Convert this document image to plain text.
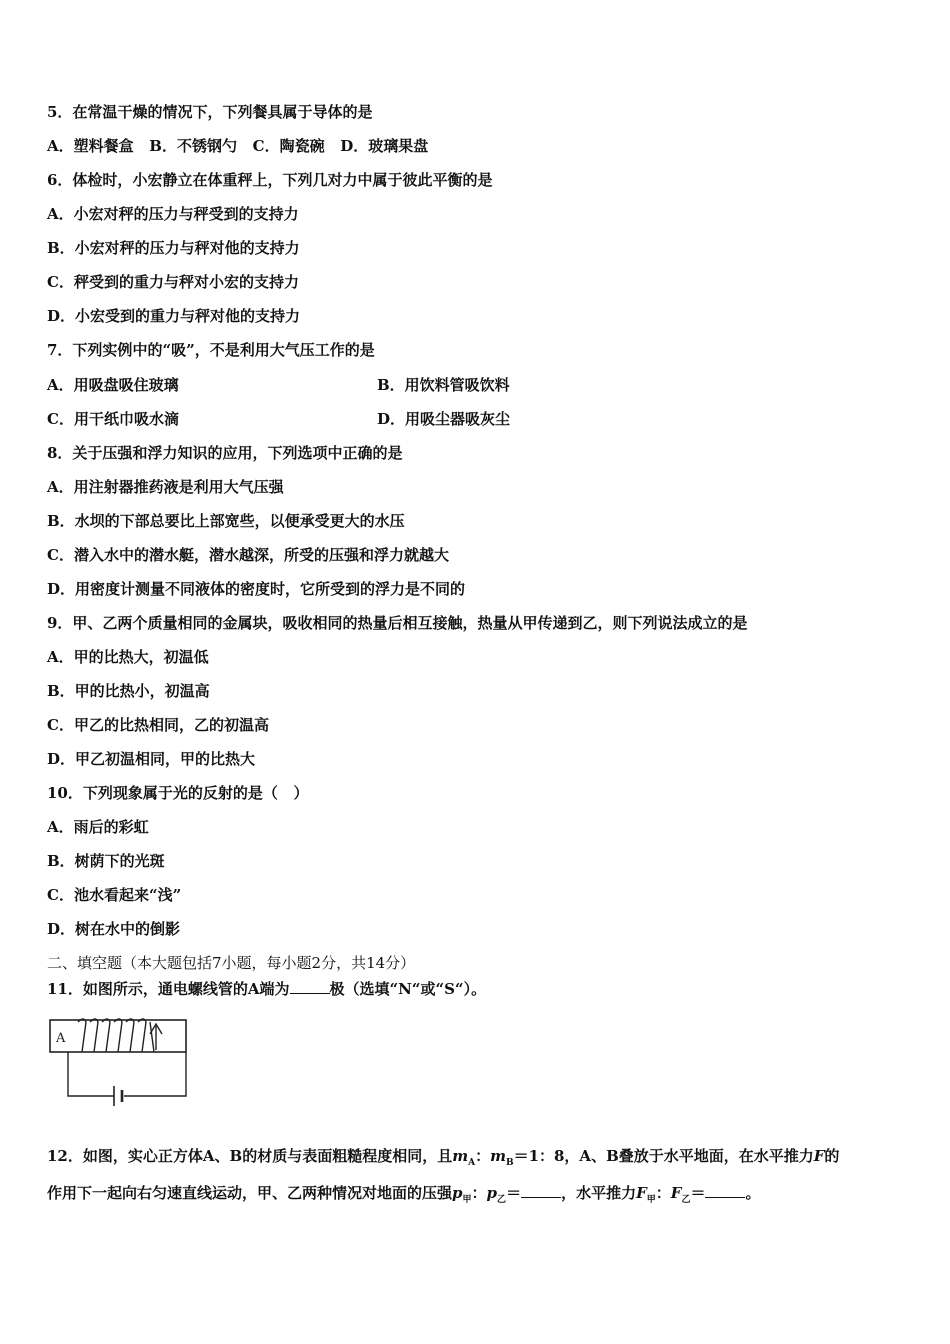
5．在常温干燥的情况下，下列餐具属于导体的是
A．塑料餐盒   B．不锈钢勺   C．陶瓷碗   D．玻璃果盘
6．体检时，小宏静立在体重秤上，下列几对力中属于彼此平衡的是
A．小宏对秤的压力与秤受到的支持力
B．小宏对秤的压力与秤对他的支持力
C．秤受到的重力与秤对小宏的支持力
D．小宏受到的重力与秤对他的支持力
7．下列实例中的“吸”，不是利用大气压工作的是
A．用吸盘吸住玻璃	B．用饮料管吸饮料
C．用干纸巾吸水滴	D．用吸尘器吸灰尘
8．关于压强和浮力知识的应用，下列选项中正确的是
A．用注射器推药液是利用大气压强
B．水坝的下部总要比上部宽些，以便承受更大的水压
C．潜入水中的潜水艇，潜水越深，所受的压强和浮力就越大
D．用密度计测量不同液体的密度时，它所受到的浮力是不同的
9．甲、乙两个质量相同的金属块，吸收相同的热量后相互接触，热量从甲传递到乙，则下列说法成立的是
A．甲的比热大，初温低
B．甲的比热小，初温高
C．甲乙的比热相同，乙的初温高
D．甲乙初温相同，甲的比热大
10．下列现象属于光的反射的是（   ）
A．雨后的彩虹
B．树荫下的光斑
C．池水看起来“浅”
D．树在水中的倒影
二、填空题（本大题包括7小题，每小题2分，共14分）
11．如图所示，通电螺线管的A端为	极（选填“N“或“S“）。
A
12．如图，实心正方体A、B的材质与表面粗糙程度相同，且$m_A$：$m_B=1$：8，A、B叠放于水平地面，在水平推力F的
作用下一起向右匀速直线运动，甲、乙两种情况对地面的压强$p_甲$：$p_乙=$	，水平推力$F_甲$：$F_乙=$	。
